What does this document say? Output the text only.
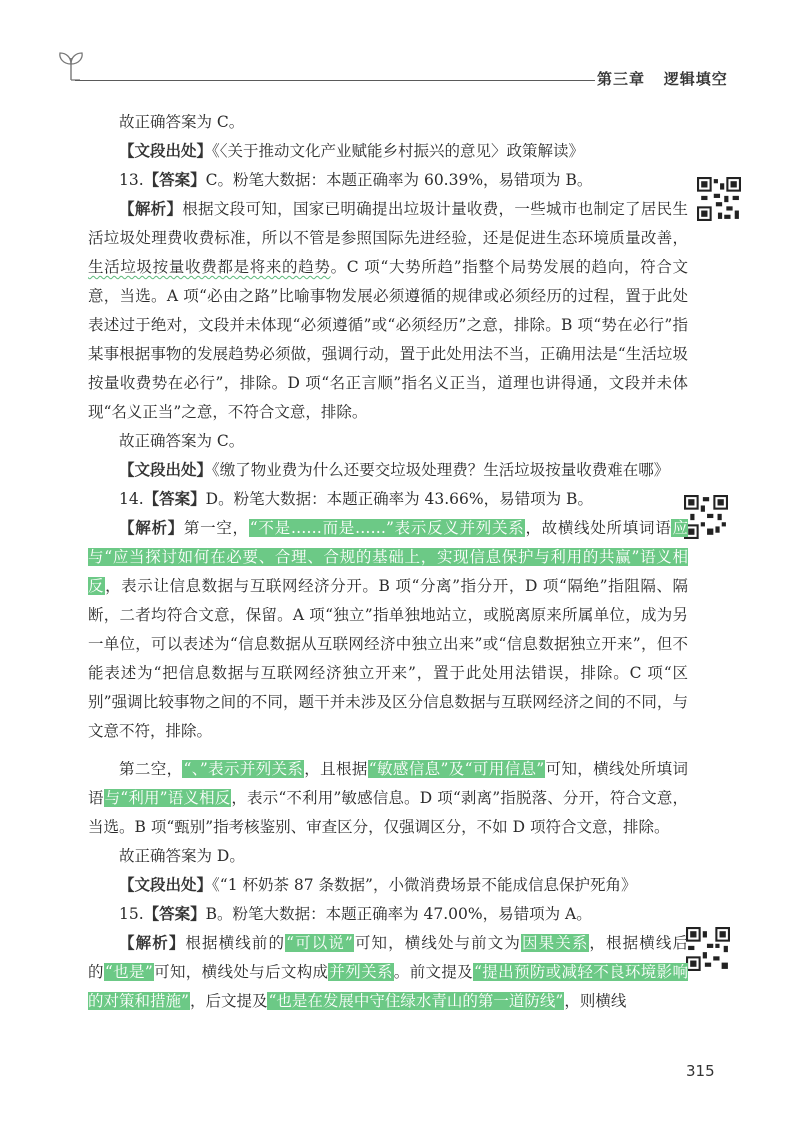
第三章 逻辑填空

故正确答案为 C。

【文段出处】《〈关于推动文化产业赋能乡村振兴的意见〉政策解读》

13.【答案】C。粉笔大数据：本题正确率为 60.39%，易错项为 B。

【解析】根据文段可知，国家已明确提出垃圾计量收费，一些城市也制定了居民生活垃圾处理费收费标准，所以不管是参照国际先进经验，还是促进生态环境质量改善，生活垃圾按量收费都是将来的趋势。C 项“大势所趋”指整个局势发展的趋向，符合文意，当选。A 项“必由之路”比喻事物发展必须遵循的规律或必须经历的过程，置于此处表述过于绝对，文段并未体现“必须遵循”或“必须经历”之意，排除。B 项“势在必行”指某事根据事物的发展趋势必须做，强调行动，置于此处用法不当，正确用法是“生活垃圾按量收费势在必行”，排除。D 项“名正言顺”指名义正当，道理也讲得通，文段并未体现“名义正当”之意，不符合文意，排除。

故正确答案为 C。

【文段出处】《缴了物业费为什么还要交垃圾处理费？生活垃圾按量收费难在哪》

14.【答案】D。粉笔大数据：本题正确率为 43.66%，易错项为 B。

【解析】第一空，“不是……而是……”表示反义并列关系，故横线处所填词语应与“应当探讨如何在必要、合理、合规的基础上，实现信息保护与利用的共赢”语义相反，表示让信息数据与互联网经济分开。B 项“分离”指分开，D 项“隔绝”指阻隔、隔断，二者均符合文意，保留。A 项“独立”指单独地站立，或脱离原来所属单位，成为另一单位，可以表述为“信息数据从互联网经济中独立出来”或“信息数据独立开来”，但不能表述为“把信息数据与互联网经济独立开来”，置于此处用法错误，排除。C 项“区别”强调比较事物之间的不同，题干并未涉及区分信息数据与互联网经济之间的不同，与文意不符，排除。

第二空，“、”表示并列关系，且根据“敏感信息”及“可用信息”可知，横线处所填词语与“利用”语义相反，表示“不利用”敏感信息。D 项“剥离”指脱落、分开，符合文意，当选。B 项“甄别”指考核鉴别、审查区分，仅强调区分，不如 D 项符合文意，排除。

故正确答案为 D。

【文段出处】《“1 杯奶茶 87 条数据”，小微消费场景不能成信息保护死角》

15.【答案】B。粉笔大数据：本题正确率为 47.00%，易错项为 A。

【解析】根据横线前的“可以说”可知，横线处与前文为因果关系，根据横线后的“也是”可知，横线处与后文构成并列关系。前文提及“提出预防或减轻不良环境影响的对策和措施”，后文提及“也是在发展中守住绿水青山的第一道防线”，则横线

315
